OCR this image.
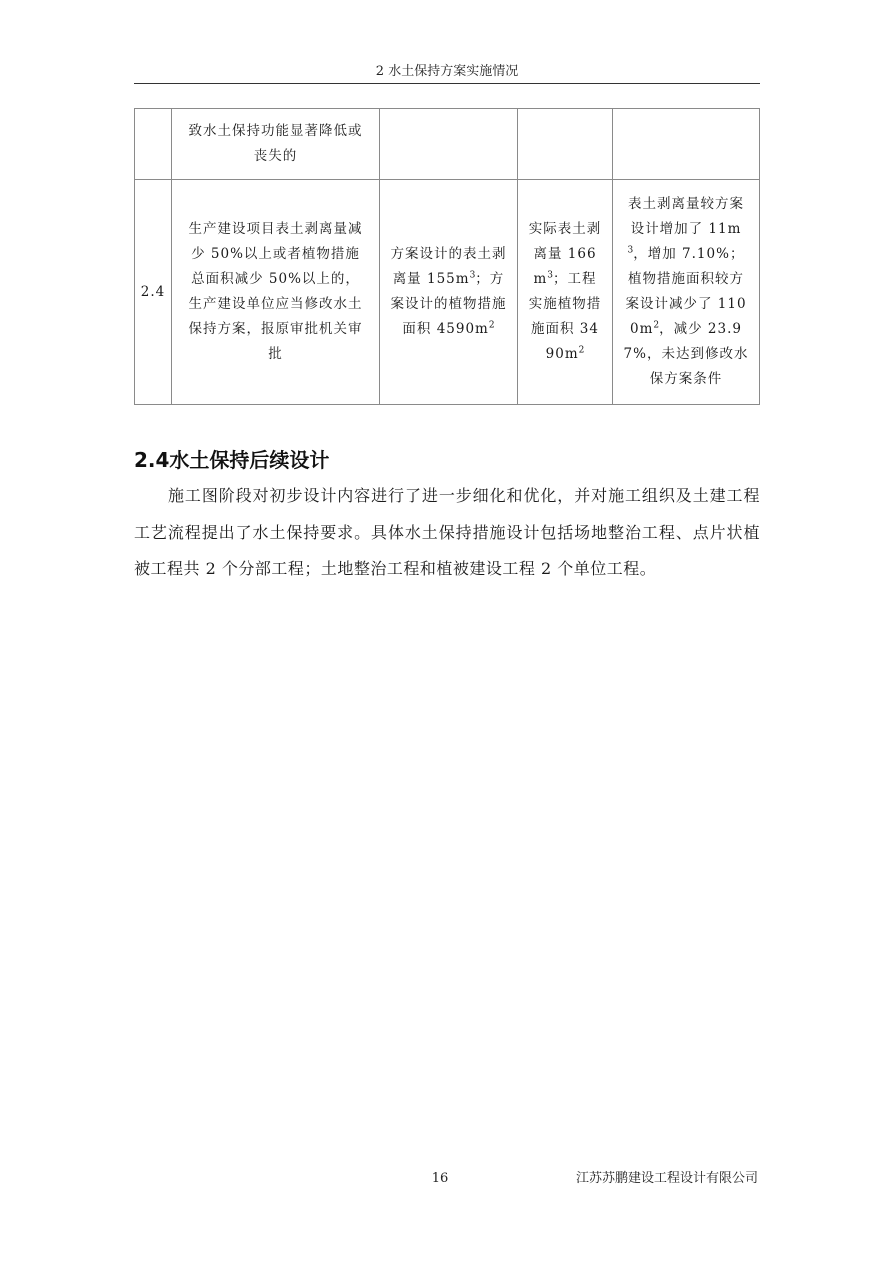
2 水土保持方案实施情况
	致水土保持功能显著降低或丧失的			
2.4	生产建设项目表土剥离量减少 50%以上或者植物措施总面积减少 50%以上的，生产建设单位应当修改水土保持方案，报原审批机关审批	方案设计的表土剥离量 $155m^3$；方案设计的植物措施面积 $4590m^2$	实际表土剥离量 $166m^3$；工程实施植物措施面积 $3490m^2$	表土剥离量较方案设计增加了 $11m^3$，增加 7.10%；植物措施面积较方案设计减少了 $1100m^2$，减少 23.97%，未达到修改水保方案条件
2.4水土保持后续设计
施工图阶段对初步设计内容进行了进一步细化和优化，并对施工组织及土建工程工艺流程提出了水土保持要求。具体水土保持措施设计包括场地整治工程、点片状植被工程共 2 个分部工程；土地整治工程和植被建设工程 2 个单位工程。
16	江苏苏鹏建设工程设计有限公司
